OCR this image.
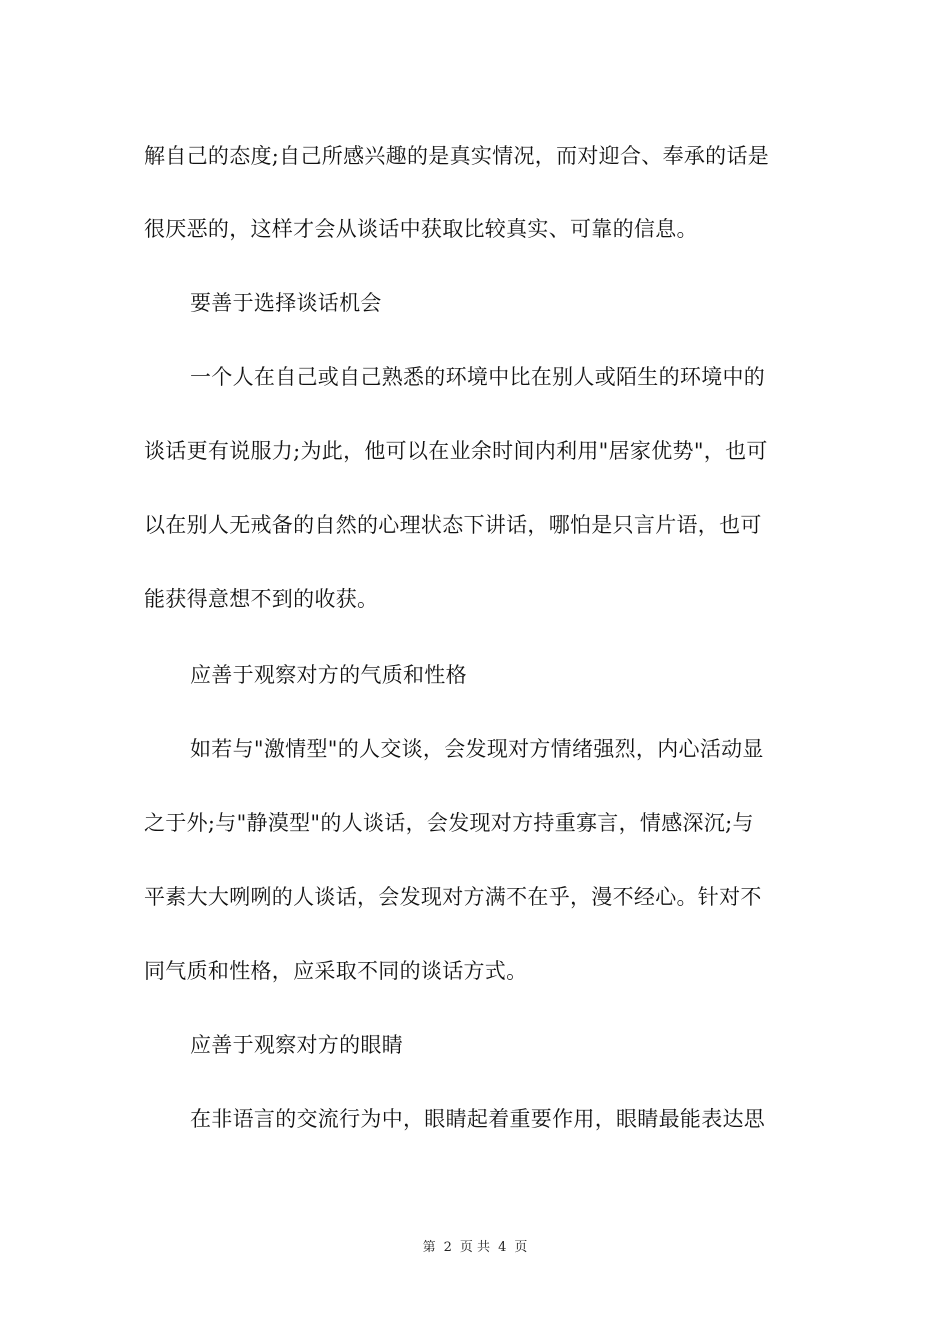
解自己的态度;自己所感兴趣的是真实情况，而对迎合、奉承的话是
很厌恶的，这样才会从谈话中获取比较真实、可靠的信息。
要善于选择谈话机会
一个人在自己或自己熟悉的环境中比在别人或陌生的环境中的
谈话更有说服力;为此，他可以在业余时间内利用"居家优势"，也可
以在别人无戒备的自然的心理状态下讲话，哪怕是只言片语，也可
能获得意想不到的收获。
应善于观察对方的气质和性格
如若与"激情型"的人交谈，会发现对方情绪强烈，内心活动显
之于外;与"静漠型"的人谈话，会发现对方持重寡言，情感深沉;与
平素大大咧咧的人谈话，会发现对方满不在乎，漫不经心。针对不
同气质和性格，应采取不同的谈话方式。
应善于观察对方的眼睛
在非语言的交流行为中，眼睛起着重要作用，眼睛最能表达思
第 2 页 共 4 页
